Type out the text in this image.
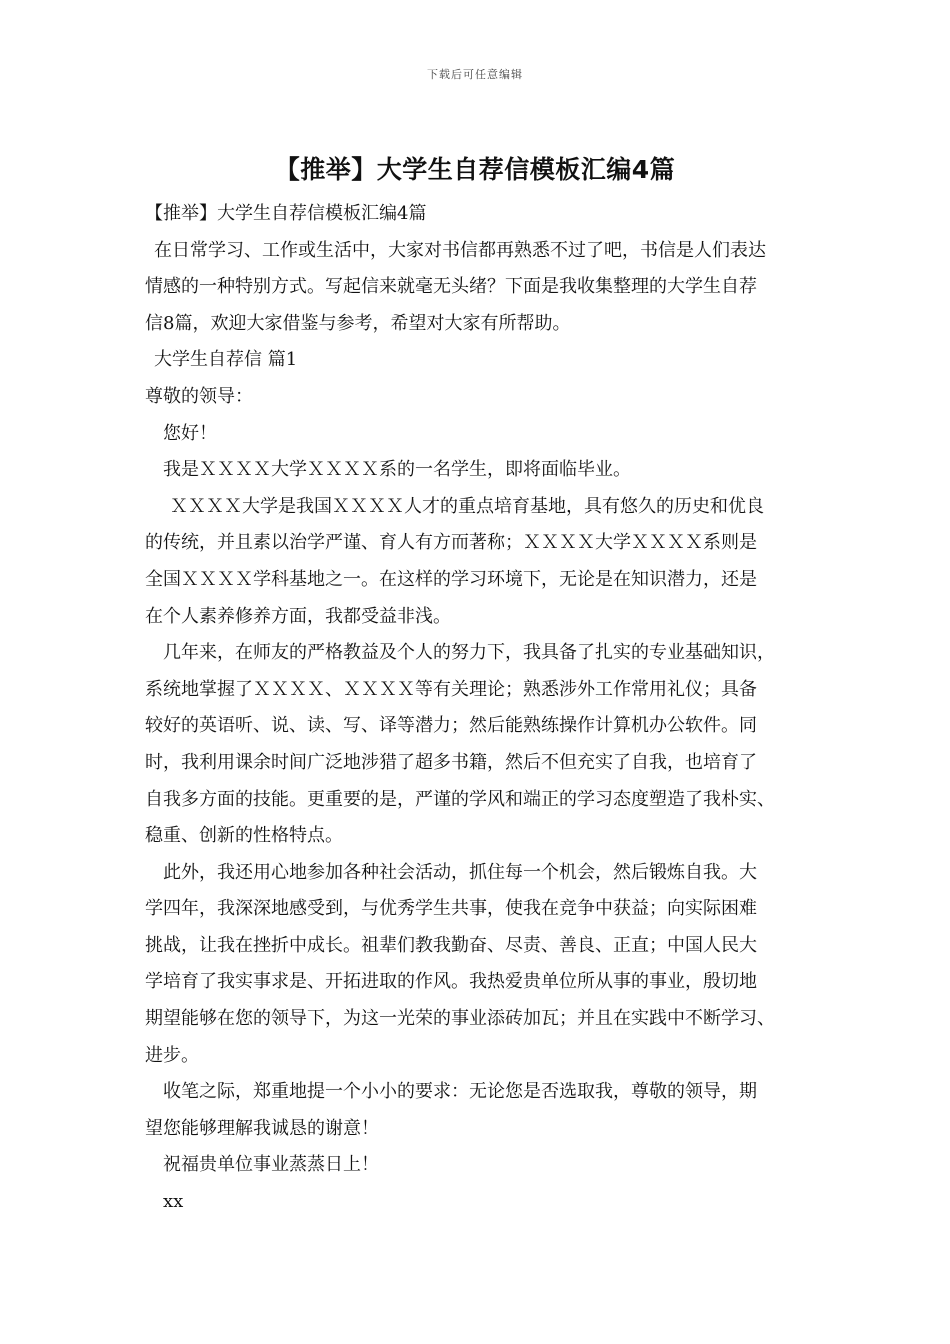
下载后可任意编辑
【推举】大学生自荐信模板汇编4篇

【推举】大学生自荐信模板汇编4篇

在日常学习、工作或生活中，大家对书信都再熟悉不过了吧，书信是人们表达

情感的一种特别方式。写起信来就毫无头绪？下面是我收集整理的大学生自荐

信8篇，欢迎大家借鉴与参考，希望对大家有所帮助。

大学生自荐信 篇1

尊敬的领导：

您好！

我是ＸＸＸＸ大学ＸＸＸＸ系的一名学生，即将面临毕业。

ＸＸＸＸ大学是我国ＸＸＸＸ人才的重点培育基地，具有悠久的历史和优良

的传统，并且素以治学严谨、育人有方而著称；ＸＸＸＸ大学ＸＸＸＸ系则是

全国ＸＸＸＸ学科基地之一。在这样的学习环境下，无论是在知识潜力，还是

在个人素养修养方面，我都受益非浅。

几年来，在师友的严格教益及个人的努力下，我具备了扎实的专业基础知识，

系统地掌握了ＸＸＸＸ、ＸＸＸＸ等有关理论；熟悉涉外工作常用礼仪；具备

较好的英语听、说、读、写、译等潜力；然后能熟练操作计算机办公软件。同

时，我利用课余时间广泛地涉猎了超多书籍，然后不但充实了自我，也培育了

自我多方面的技能。更重要的是，严谨的学风和端正的学习态度塑造了我朴实、

稳重、创新的性格特点。

此外，我还用心地参加各种社会活动，抓住每一个机会，然后锻炼自我。大

学四年，我深深地感受到，与优秀学生共事，使我在竞争中获益；向实际困难

挑战，让我在挫折中成长。祖辈们教我勤奋、尽责、善良、正直；中国人民大

学培育了我实事求是、开拓进取的作风。我热爱贵单位所从事的事业，殷切地

期望能够在您的领导下，为这一光荣的事业添砖加瓦；并且在实践中不断学习、

进步。

收笔之际，郑重地提一个小小的要求：无论您是否选取我，尊敬的领导，期

望您能够理解我诚恳的谢意！

祝福贵单位事业蒸蒸日上！

xx
